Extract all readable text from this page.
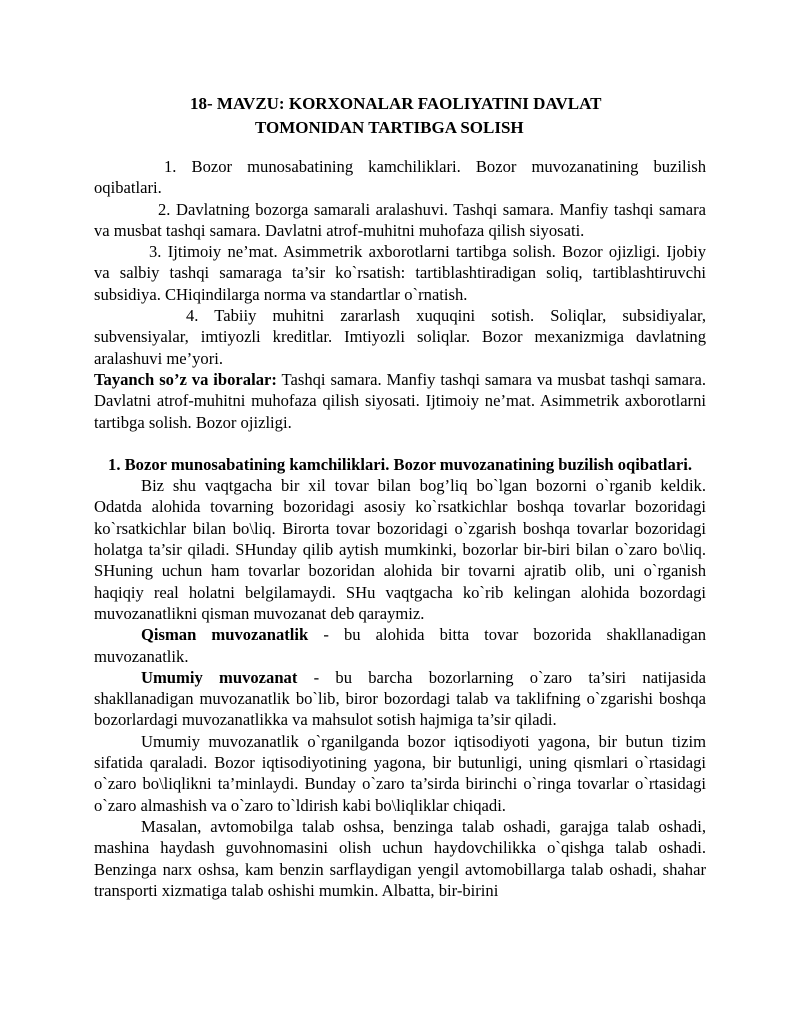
18- MAVZU: KORXONALAR FAOLIYATINI DAVLAT
TOMONIDAN TARTIBGA SOLISH

1. Bozor munosabatining kamchiliklari. Bozor muvozanatining buzilish oqibatlari.

2. Davlatning bozorga samarali aralashuvi. Tashqi samara. Manfiy tashqi samara va musbat tashqi samara. Davlatni atrof-muhitni muhofaza qilish siyosati.

3. Ijtimoiy ne’mat. Asimmetrik axborotlarni tartibga solish. Bozor ojizligi. Ijobiy va salbiy tashqi samaraga ta’sir ko`rsatish: tartiblashtiradigan soliq, tartiblashtiruvchi subsidiya. CHiqindilarga norma va standartlar o`rnatish.

4. Tabiiy muhitni zararlash xuquqini sotish. Soliqlar, subsidiyalar, subvensiyalar, imtiyozli kreditlar. Imtiyozli soliqlar. Bozor mexanizmiga davlatning aralashuvi me’yori.

Tayanch so’z va iboralar: Tashqi samara. Manfiy tashqi samara va musbat tashqi samara. Davlatni atrof-muhitni muhofaza qilish siyosati. Ijtimoiy ne’mat. Asimmetrik axborotlarni tartibga solish. Bozor ojizligi.

1. Bozor munosabatining kamchiliklari. Bozor muvozanatining buzilish oqibatlari.

Biz shu vaqtgacha bir xil tovar bilan bog’liq bo`lgan bozorni o`rganib keldik. Odatda alohida tovarning bozoridagi asosiy ko`rsatkichlar boshqa tovarlar bozoridagi ko`rsatkichlar bilan bo\liq. Birorta tovar bozoridagi o`zgarish boshqa tovarlar bozoridagi holatga ta’sir qiladi. SHunday qilib aytish mumkinki, bozorlar bir-biri bilan o`zaro bo\liq. SHuning uchun ham tovarlar bozoridan alohida bir tovarni ajratib olib, uni o`rganish haqiqiy real holatni belgilamaydi. SHu vaqtgacha ko`rib kelingan alohida bozordagi muvozanatlikni qisman muvozanat deb qaraymiz.

Qisman muvozanatlik - bu alohida bitta tovar bozorida shakllanadigan muvozanatlik.

Umumiy muvozanat - bu barcha bozorlarning o`zaro ta’siri natijasida shakllanadigan muvozanatlik bo`lib, biror bozordagi talab va taklifning o`zgarishi boshqa bozorlardagi muvozanatlikka va mahsulot sotish hajmiga ta’sir qiladi.

Umumiy muvozanatlik o`rganilganda bozor iqtisodiyoti yagona, bir butun tizim sifatida qaraladi. Bozor iqtisodiyotining yagona, bir butunligi, uning qismlari o`rtasidagi o`zaro bo\liqlikni ta’minlaydi. Bunday o`zaro ta’sirda birinchi o`ringa tovarlar o`rtasidagi o`zaro almashish va o`zaro to`ldirish kabi bo\liqliklar chiqadi.

Masalan, avtomobilga talab oshsa, benzinga talab oshadi, garajga talab oshadi, mashina haydash guvohnomasini olish uchun haydovchilikka o`qishga talab oshadi. Benzinga narx oshsa, kam benzin sarflaydigan yengil avtomobillarga talab oshadi, shahar transporti xizmatiga talab oshishi mumkin. Albatta, bir-birini
